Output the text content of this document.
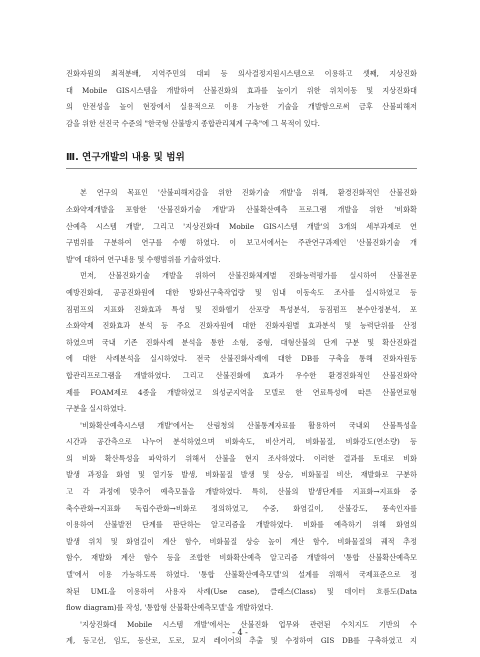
진화자원의 최적분배, 지역주민의 대피 등 의사결정지원시스템으로 이용하고 셋째, 지상진화

대 Mobile GIS시스템을 개발하여 산불진화의 효과를 높이기 위한 위치이동 및 지상진화대

의 안전성을 높이 현장에서 실용적으로 이용 가능한 기술을 개발함으로써 금후 산불피해저

감을 위한 선진국 수준의 "한국형 산불방지 종합관리체계 구축"에 그 목적이 있다.

Ⅲ. 연구개발의 내용 및 범위

본 연구의 목표인 '산불피해저감을 위한 진화기술 개발'을 위해, 환경진화적인 산불진화

소화약제개발을 포함한 '산불진화기술 개발'과 산불확산예측 프로그램 개발을 위한 '비화확

산예측 시스템 개발', 그리고 '지상진화대 Mobile GIS시스템 개발'의 3개의 세부과제로 연

구범위를 구분하여 연구를 수행 하였다. 이 보고서에서는 주관연구과제인 '산불진화기술 개

발'에 대하여 연구내용 및 수행범위를 기술하였다.

먼저, 산불진화기술 개발을 위하여 산불진화체계별 진화능력평가를 실시하여 산불전문

예방진화대, 공공진화원에 대한 방화선구축작업량 및 임내 이동속도 조사를 실시하였고 등

짐펌프의 지표화 진화효과 특성 및 진화헬기 산포량 특성분석, 등짐펌프 분수안정분석, 포

소화약제 진화효과 분석 등 주요 진화자원에 대한 진화자원별 효과분석 및 능력단위를 산정

하였으며 국내 기존 진화사례 분석을 통한 소형, 중형, 대형산불의 단계 구분 및 확산진화결

에 대한 사례분석을 실시하였다. 전국 산불진화사례에 대한 DB를 구축을 통해 진화자원동

합관리프로그램을 개발하였다. 그리고 산불진화에 효과가 우수한 환경진화적인 산불진화약

제를 FOAM제로 4종을 개발하였고 의성군지역을 모델로 한 연료특성에 따른 산불연료형

구분을 실시하였다.

'비화확산예측시스템 개발'에서는 산림청의 산불통계자료를 활용하여 국내외 산불특성을

시간과 공간측으로 나누어 분석하였으며 비화속도, 비산거리, 비화물질, 비화강도(연소량) 등

의 비화 확산특성을 파악하기 위해서 산불을 현지 조사하였다. 이러한 결과를 토대로 비화

발생 과정을 화염 및 열기둥 발생, 비화물질 발생 및 상승, 비화물질 비산, 재발화로 구분하

고 각 과정에 맞추어 예측모듈을 개발하였다. 특히, 산불의 발생단계를 지표화→지표화 중

축수관화→지표화 독립수관화→비화로 정의하였고, 수중, 화염길이, 산불강도, 풍속인자를

이용하여 산불발전 단계를 판단하는 알고리즘을 개발하였다. 비화를 예측하기 위해 화염의

발생 위치 및 화염길이 계산 함수, 비화물질 상승 높이 계산 함수, 비화물질의 궤적 추정

함수, 재발화 계산 함수 등을 조합한 비화확산예측 알고리즘 개발하여 '통합 산불확산예측모

델'에서 이용 가능하도록 하였다. '통합 산불확산예측모델'의 설계를 위해서 국제표준으로 정

착된 UML을 이용하여 사용자 사례(Use case), 클래스(Class) 및 데이터 흐름도(Data

flow diagram)를 작성, '통합형 산불확산예측모델'을 개발하였다.

'지상진화대 Mobile 시스템 개발'에서는 산불진화 업무와 관련된 수치지도 기반의 수

계, 등고선, 임도, 등산로, 도로, 묘지 레이어의 추출 및 수정하여 GIS DB를 구축하였고 지

- 4 -
